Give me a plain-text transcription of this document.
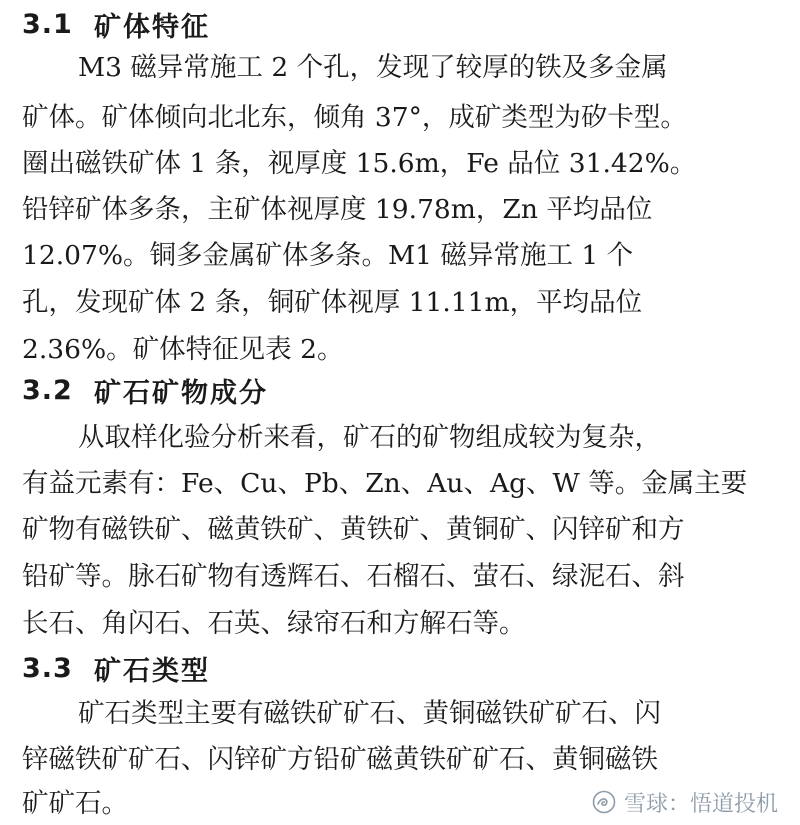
3.1 矿体特征
M3 磁异常施工 2 个孔，发现了较厚的铁及多金属
矿体。矿体倾向北北东，倾角 37°，成矿类型为矽卡型。
圈出磁铁矿体 1 条，视厚度 15.6m，Fe 品位 31.42%。
铅锌矿体多条，主矿体视厚度 19.78m，Zn 平均品位
12.07%。铜多金属矿体多条。M1 磁异常施工 1 个
孔，发现矿体 2 条，铜矿体视厚 11.11m，平均品位
2.36%。矿体特征见表 2。
3.2 矿石矿物成分
从取样化验分析来看，矿石的矿物组成较为复杂，
有益元素有：Fe、Cu、Pb、Zn、Au、Ag、W 等。金属主要
矿物有磁铁矿、磁黄铁矿、黄铁矿、黄铜矿、闪锌矿和方
铅矿等。脉石矿物有透辉石、石榴石、萤石、绿泥石、斜
长石、角闪石、石英、绿帘石和方解石等。
3.3 矿石类型
矿石类型主要有磁铁矿矿石、黄铜磁铁矿矿石、闪
锌磁铁矿矿石、闪锌矿方铅矿磁黄铁矿矿石、黄铜磁铁
矿矿石。	雪球：悟道投机
